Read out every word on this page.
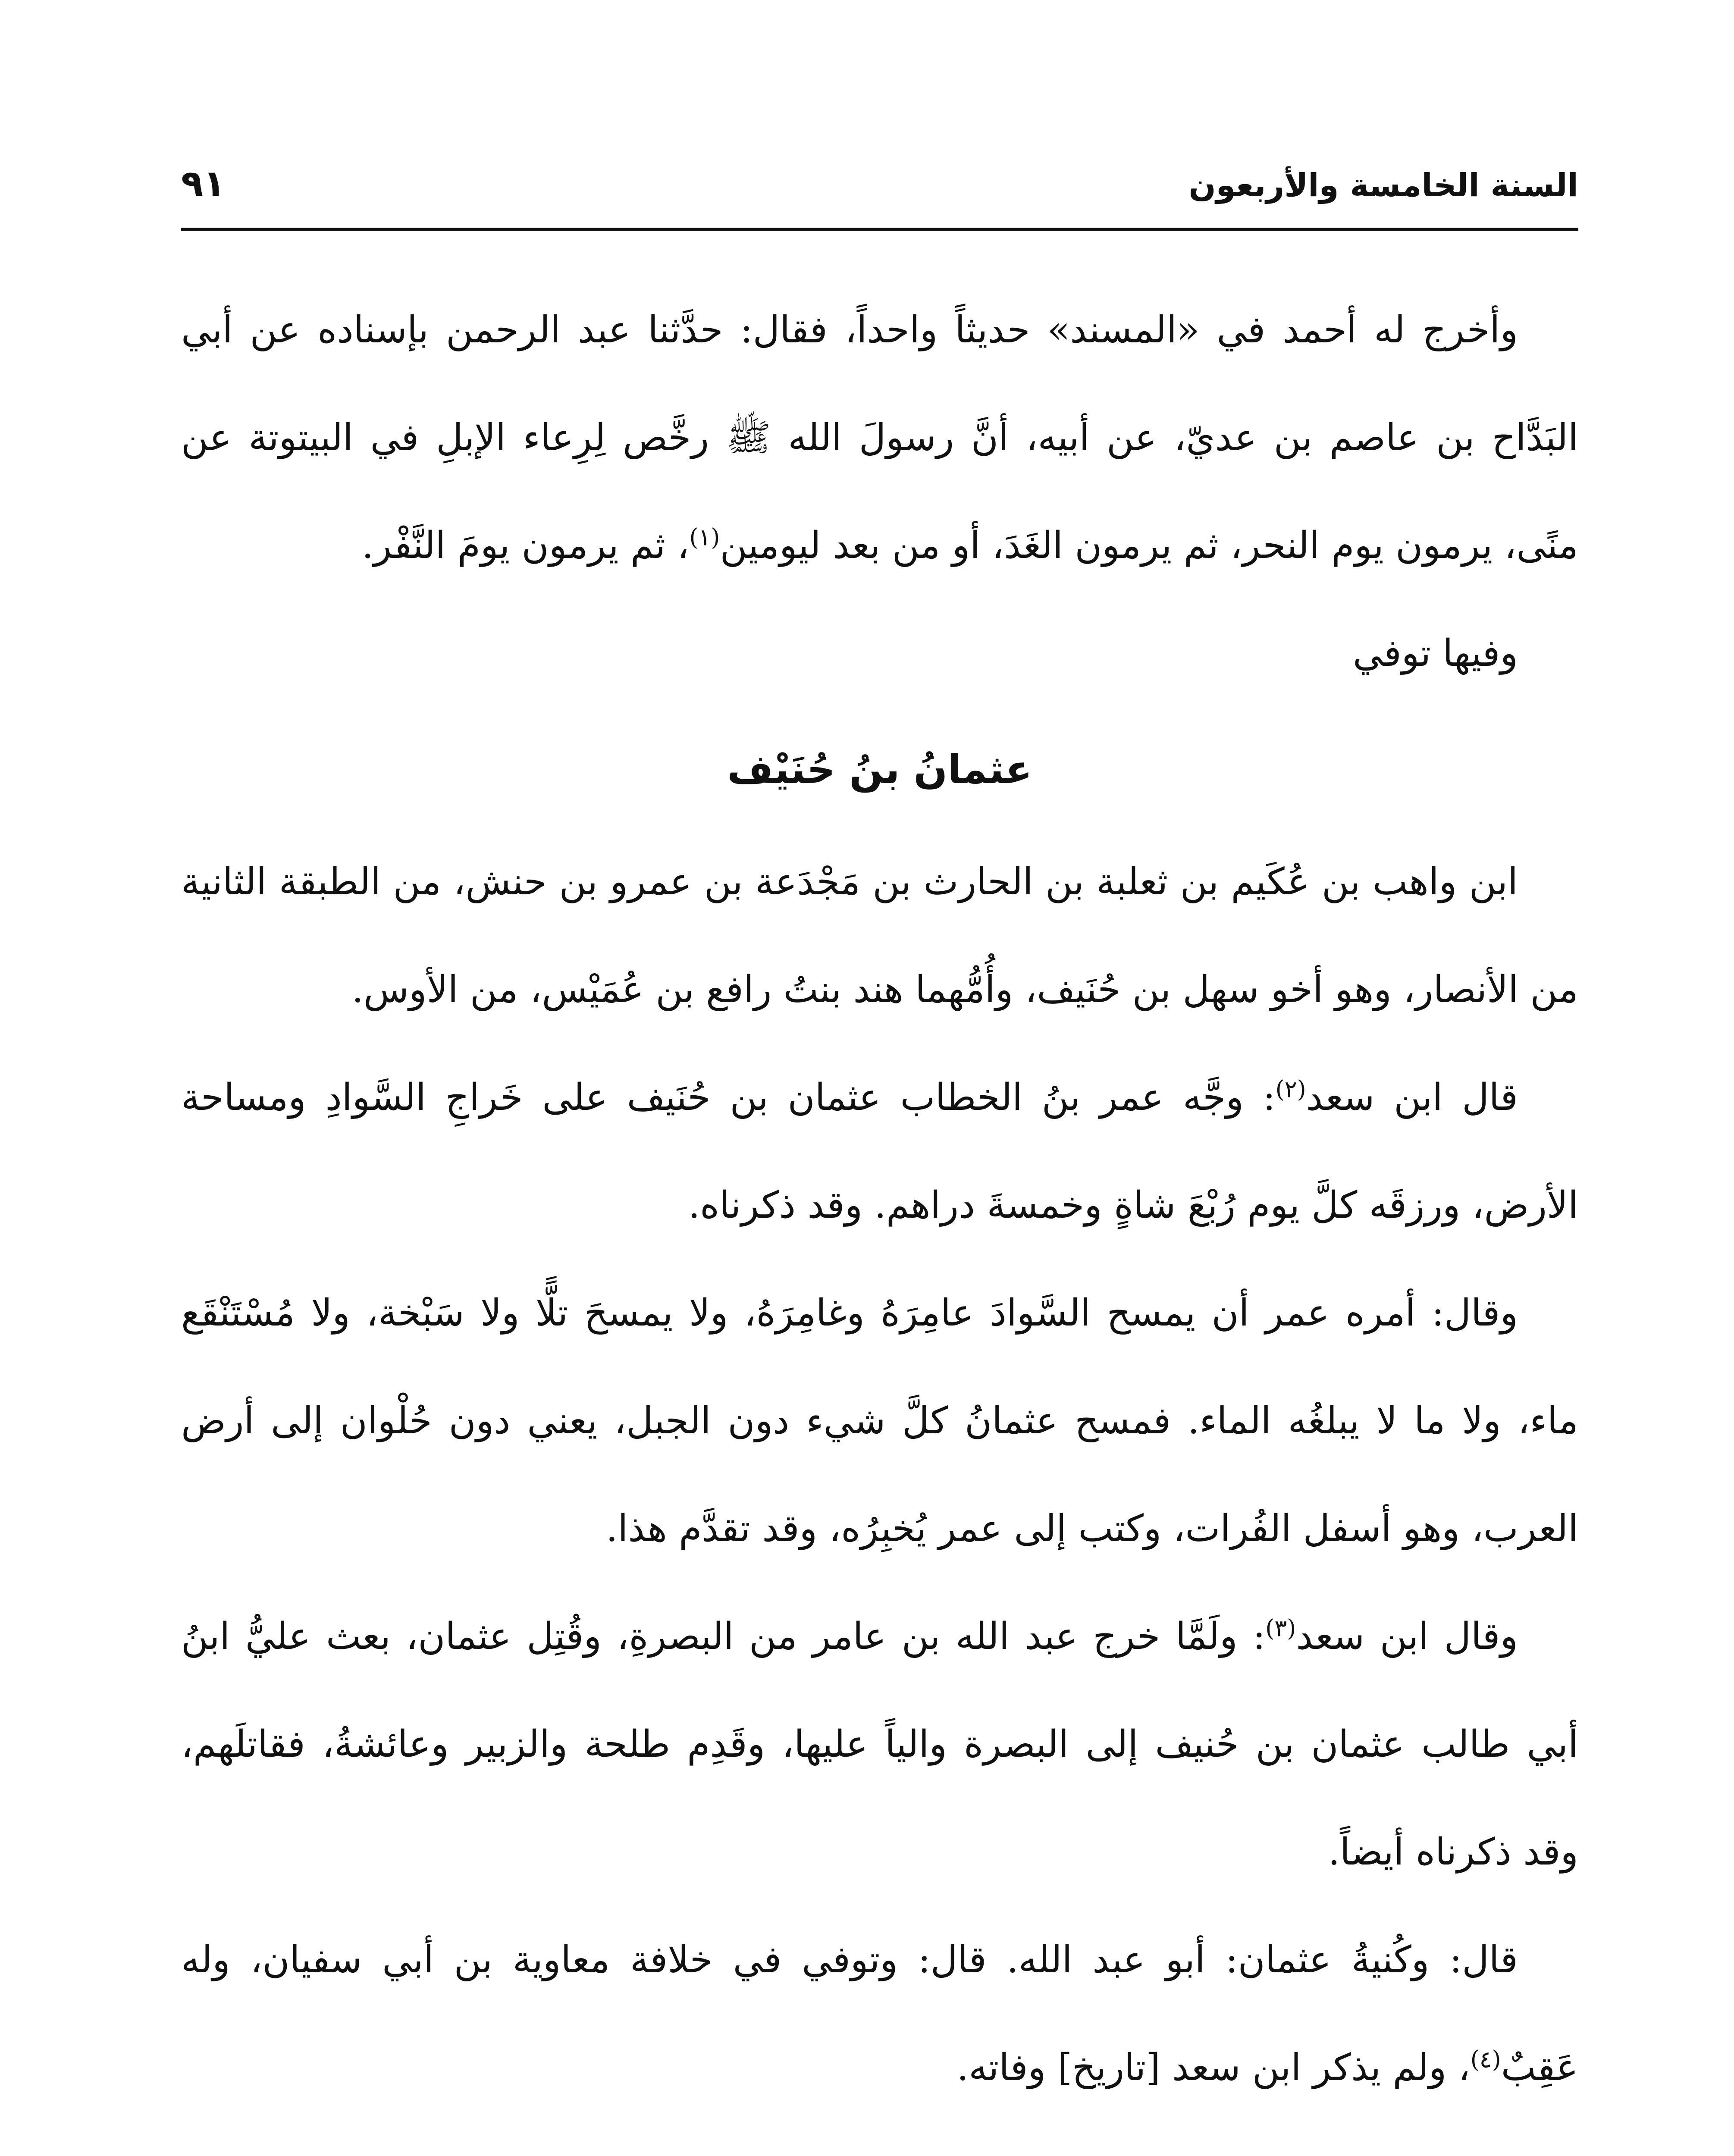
السنة الخامسة والأربعون
٩١

وأخرج له أحمد في «المسند» حديثاً واحداً، فقال: حدَّثنا عبد الرحمن بإسناده عن أبي البَدَّاح بن عاصم بن عديّ، عن أبيه، أنَّ رسولَ الله ﷺ رخَّص لِرِعاء الإبلِ في البيتوتة عن منًى، يرمون يوم النحر، ثم يرمون الغَدَ، أو من بعد ليومين$^{(١)}$، ثم يرمون يومَ النَّفْر.

وفيها توفي

عثمانُ بنُ حُنَيْف

ابن واهب بن عُكَيم بن ثعلبة بن الحارث بن مَجْدَعة بن عمرو بن حنش، من الطبقة الثانية من الأنصار، وهو أخو سهل بن حُنَيف، وأُمُّهما هند بنتُ رافع بن عُمَيْس، من الأوس.

قال ابن سعد$^{(٢)}$: وجَّه عمر بنُ الخطاب عثمان بن حُنَيف على خَراجِ السَّوادِ ومساحة الأرض، ورزقَه كلَّ يوم رُبْعَ شاةٍ وخمسةَ دراهم. وقد ذكرناه.

وقال: أمره عمر أن يمسح السَّوادَ عامِرَهُ وغامِرَهُ، ولا يمسحَ تلًّا ولا سَبْخة، ولا مُسْتَنْقَع ماء، ولا ما لا يبلغُه الماء. فمسح عثمانُ كلَّ شيء دون الجبل، يعني دون حُلْوان إلى أرض العرب، وهو أسفل الفُرات، وكتب إلى عمر يُخبِرُه، وقد تقدَّم هذا.

وقال ابن سعد$^{(٣)}$: ولَمَّا خرج عبد الله بن عامر من البصرةِ، وقُتِل عثمان، بعث عليُّ ابنُ أبي طالب عثمان بن حُنيف إلى البصرة والياً عليها، وقَدِم طلحة والزبير وعائشةُ، فقاتلَهم، وقد ذكرناه أيضاً.

قال: وكُنيةُ عثمان: أبو عبد الله. قال: وتوفي في خلافة معاوية بن أبي سفيان، وله عَقِبٌ$^{(٤)}$، ولم يذكر ابن سعد [تاريخ] وفاته.
